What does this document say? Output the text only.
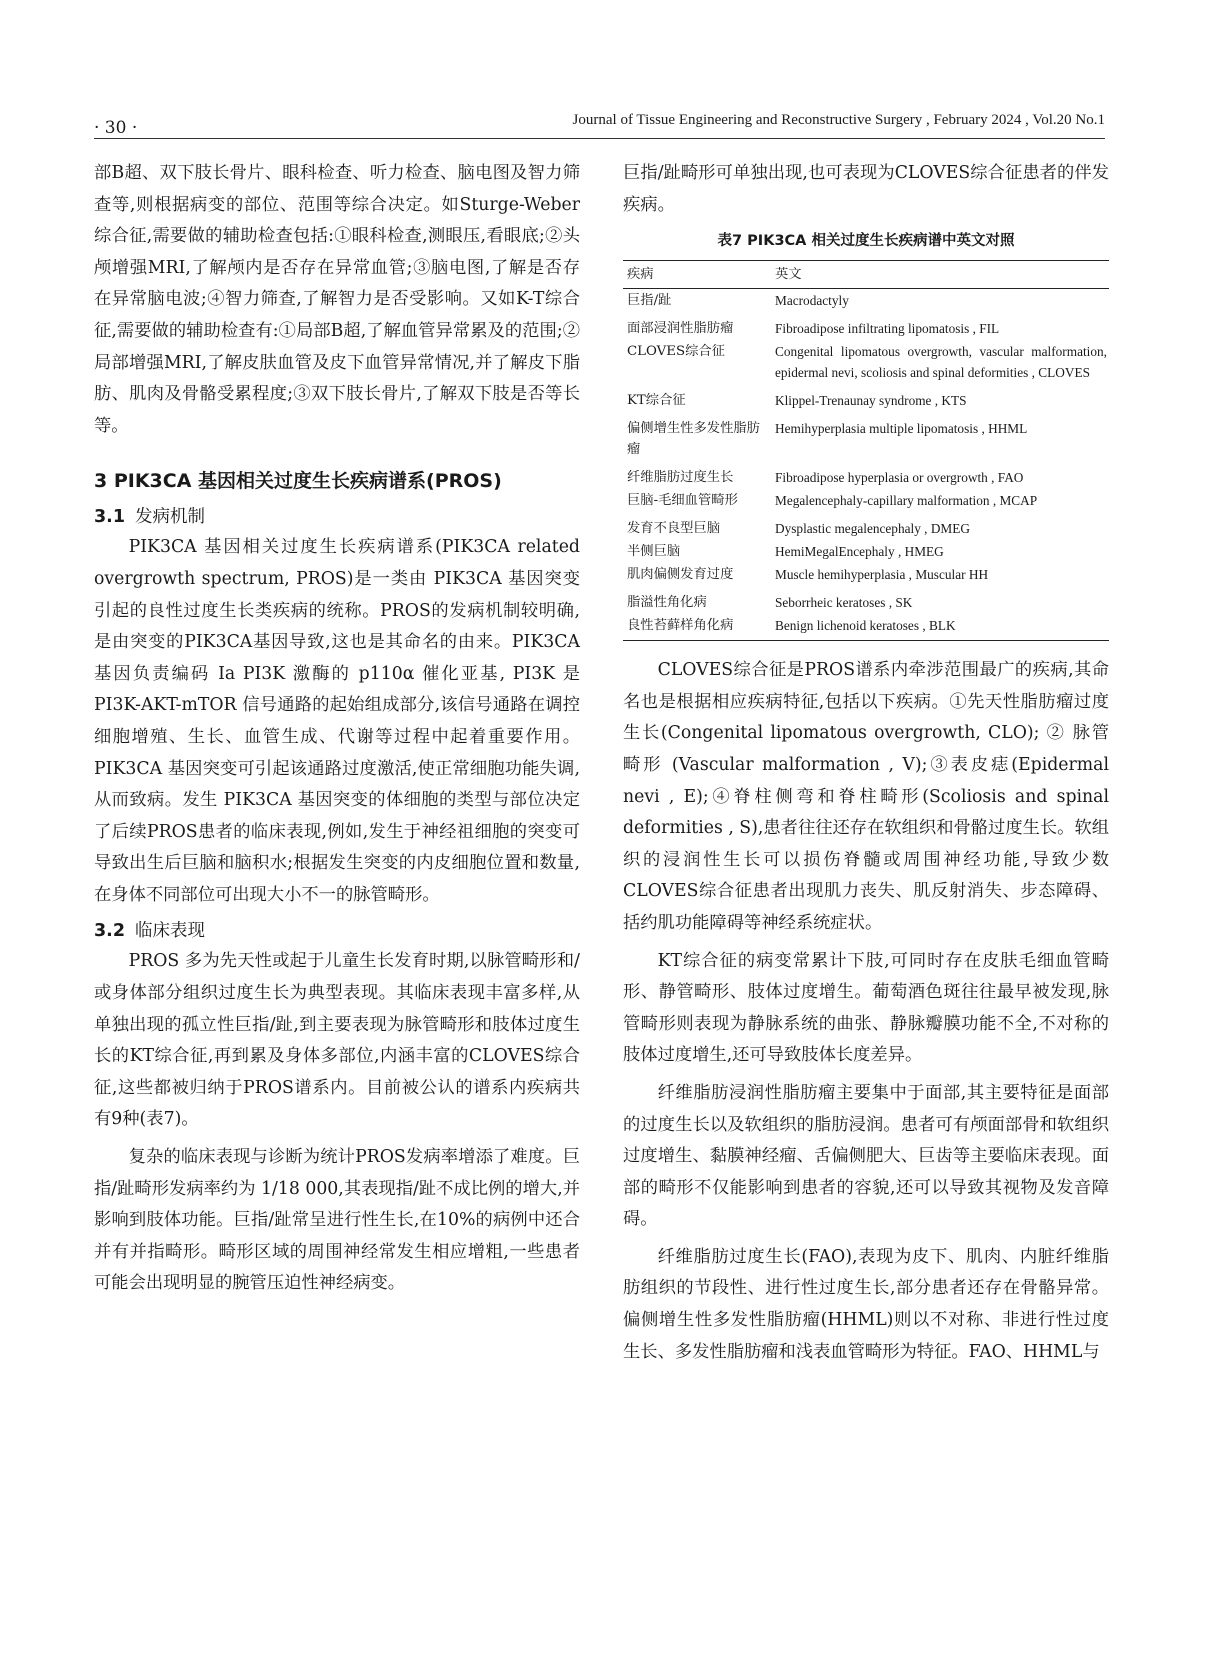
· 30 ·	Journal of Tissue Engineering and Reconstructive Surgery , February 2024 , Vol.20 No.1

部B超、双下肢长骨片、眼科检查、听力检查、脑电图及智力筛查等,则根据病变的部位、范围等综合决定。如Sturge-Weber综合征,需要做的辅助检查包括:①眼科检查,测眼压,看眼底;②头颅增强MRI,了解颅内是否存在异常血管;③脑电图,了解是否存在异常脑电波;④智力筛查,了解智力是否受影响。又如K-T综合征,需要做的辅助检查有:①局部B超,了解血管异常累及的范围;②局部增强MRI,了解皮肤血管及皮下血管异常情况,并了解皮下脂肪、肌肉及骨骼受累程度;③双下肢长骨片,了解双下肢是否等长等。

3 PIK3CA 基因相关过度生长疾病谱系(PROS)
3.1 发病机制

PIK3CA 基因相关过度生长疾病谱系(PIK3CA related overgrowth spectrum, PROS)是一类由 PIK3CA 基因突变引起的良性过度生长类疾病的统称。PROS的发病机制较明确,是由突变的PIK3CA基因导致,这也是其命名的由来。PIK3CA 基因负责编码 Ia PI3K 激酶的 p110α 催化亚基, PI3K 是 PI3K-AKT-mTOR 信号通路的起始组成部分,该信号通路在调控细胞增殖、生长、血管生成、代谢等过程中起着重要作用。PIK3CA 基因突变可引起该通路过度激活,使正常细胞功能失调,从而致病。发生 PIK3CA 基因突变的体细胞的类型与部位决定了后续PROS患者的临床表现,例如,发生于神经祖细胞的突变可导致出生后巨脑和脑积水;根据发生突变的内皮细胞位置和数量,在身体不同部位可出现大小不一的脉管畸形。

3.2 临床表现

PROS 多为先天性或起于儿童生长发育时期,以脉管畸形和/或身体部分组织过度生长为典型表现。其临床表现丰富多样,从单独出现的孤立性巨指/趾,到主要表现为脉管畸形和肢体过度生长的KT综合征,再到累及身体多部位,内涵丰富的CLOVES综合征,这些都被归纳于PROS谱系内。目前被公认的谱系内疾病共有9种(表7)。

复杂的临床表现与诊断为统计PROS发病率增添了难度。巨指/趾畸形发病率约为 1/18 000,其表现指/趾不成比例的增大,并影响到肢体功能。巨指/趾常呈进行性生长,在10%的病例中还合并有并指畸形。畸形区域的周围神经常发生相应增粗,一些患者可能会出现明显的腕管压迫性神经病变。

巨指/趾畸形可单独出现,也可表现为CLOVES综合征患者的伴发疾病。

表7 PIK3CA 相关过度生长疾病谱中英文对照
疾病	英文
巨指/趾	Macrodactyly
面部浸润性脂肪瘤	Fibroadipose infiltrating lipomatosis , FIL
CLOVES综合征	Congenital lipomatous overgrowth, vascular malformation, epidermal nevi, scoliosis and spinal deformities , CLOVES
KT综合征	Klippel-Trenaunay syndrome , KTS
偏侧增生性多发性脂肪瘤	Hemihyperplasia multiple lipomatosis , HHML
纤维脂肪过度生长	Fibroadipose hyperplasia or overgrowth , FAO
巨脑-毛细血管畸形	Megalencephaly-capillary malformation , MCAP
发育不良型巨脑	Dysplastic megalencephaly , DMEG
半侧巨脑	HemiMegalEncephaly , HMEG
肌肉偏侧发育过度	Muscle hemihyperplasia , Muscular HH
脂溢性角化病	Seborrheic keratoses , SK
良性苔藓样角化病	Benign lichenoid keratoses , BLK

CLOVES综合征是PROS谱系内牵涉范围最广的疾病,其命名也是根据相应疾病特征,包括以下疾病。①先天性脂肪瘤过度生长(Congenital lipomatous overgrowth, CLO); ② 脉管畸形 (Vascular malformation , V);③表皮痣(Epidermal nevi , E);④脊柱侧弯和脊柱畸形(Scoliosis and spinal deformities , S),患者往往还存在软组织和骨骼过度生长。软组织的浸润性生长可以损伤脊髓或周围神经功能,导致少数CLOVES综合征患者出现肌力丧失、肌反射消失、步态障碍、括约肌功能障碍等神经系统症状。

KT综合征的病变常累计下肢,可同时存在皮肤毛细血管畸形、静管畸形、肢体过度增生。葡萄酒色斑往往最早被发现,脉管畸形则表现为静脉系统的曲张、静脉瓣膜功能不全,不对称的肢体过度增生,还可导致肢体长度差异。

纤维脂肪浸润性脂肪瘤主要集中于面部,其主要特征是面部的过度生长以及软组织的脂肪浸润。患者可有颅面部骨和软组织过度增生、黏膜神经瘤、舌偏侧肥大、巨齿等主要临床表现。面部的畸形不仅能影响到患者的容貌,还可以导致其视物及发音障碍。

纤维脂肪过度生长(FAO),表现为皮下、肌肉、内脏纤维脂肪组织的节段性、进行性过度生长,部分患者还存在骨骼异常。偏侧增生性多发性脂肪瘤(HHML)则以不对称、非进行性过度生长、多发性脂肪瘤和浅表血管畸形为特征。FAO、HHML与
